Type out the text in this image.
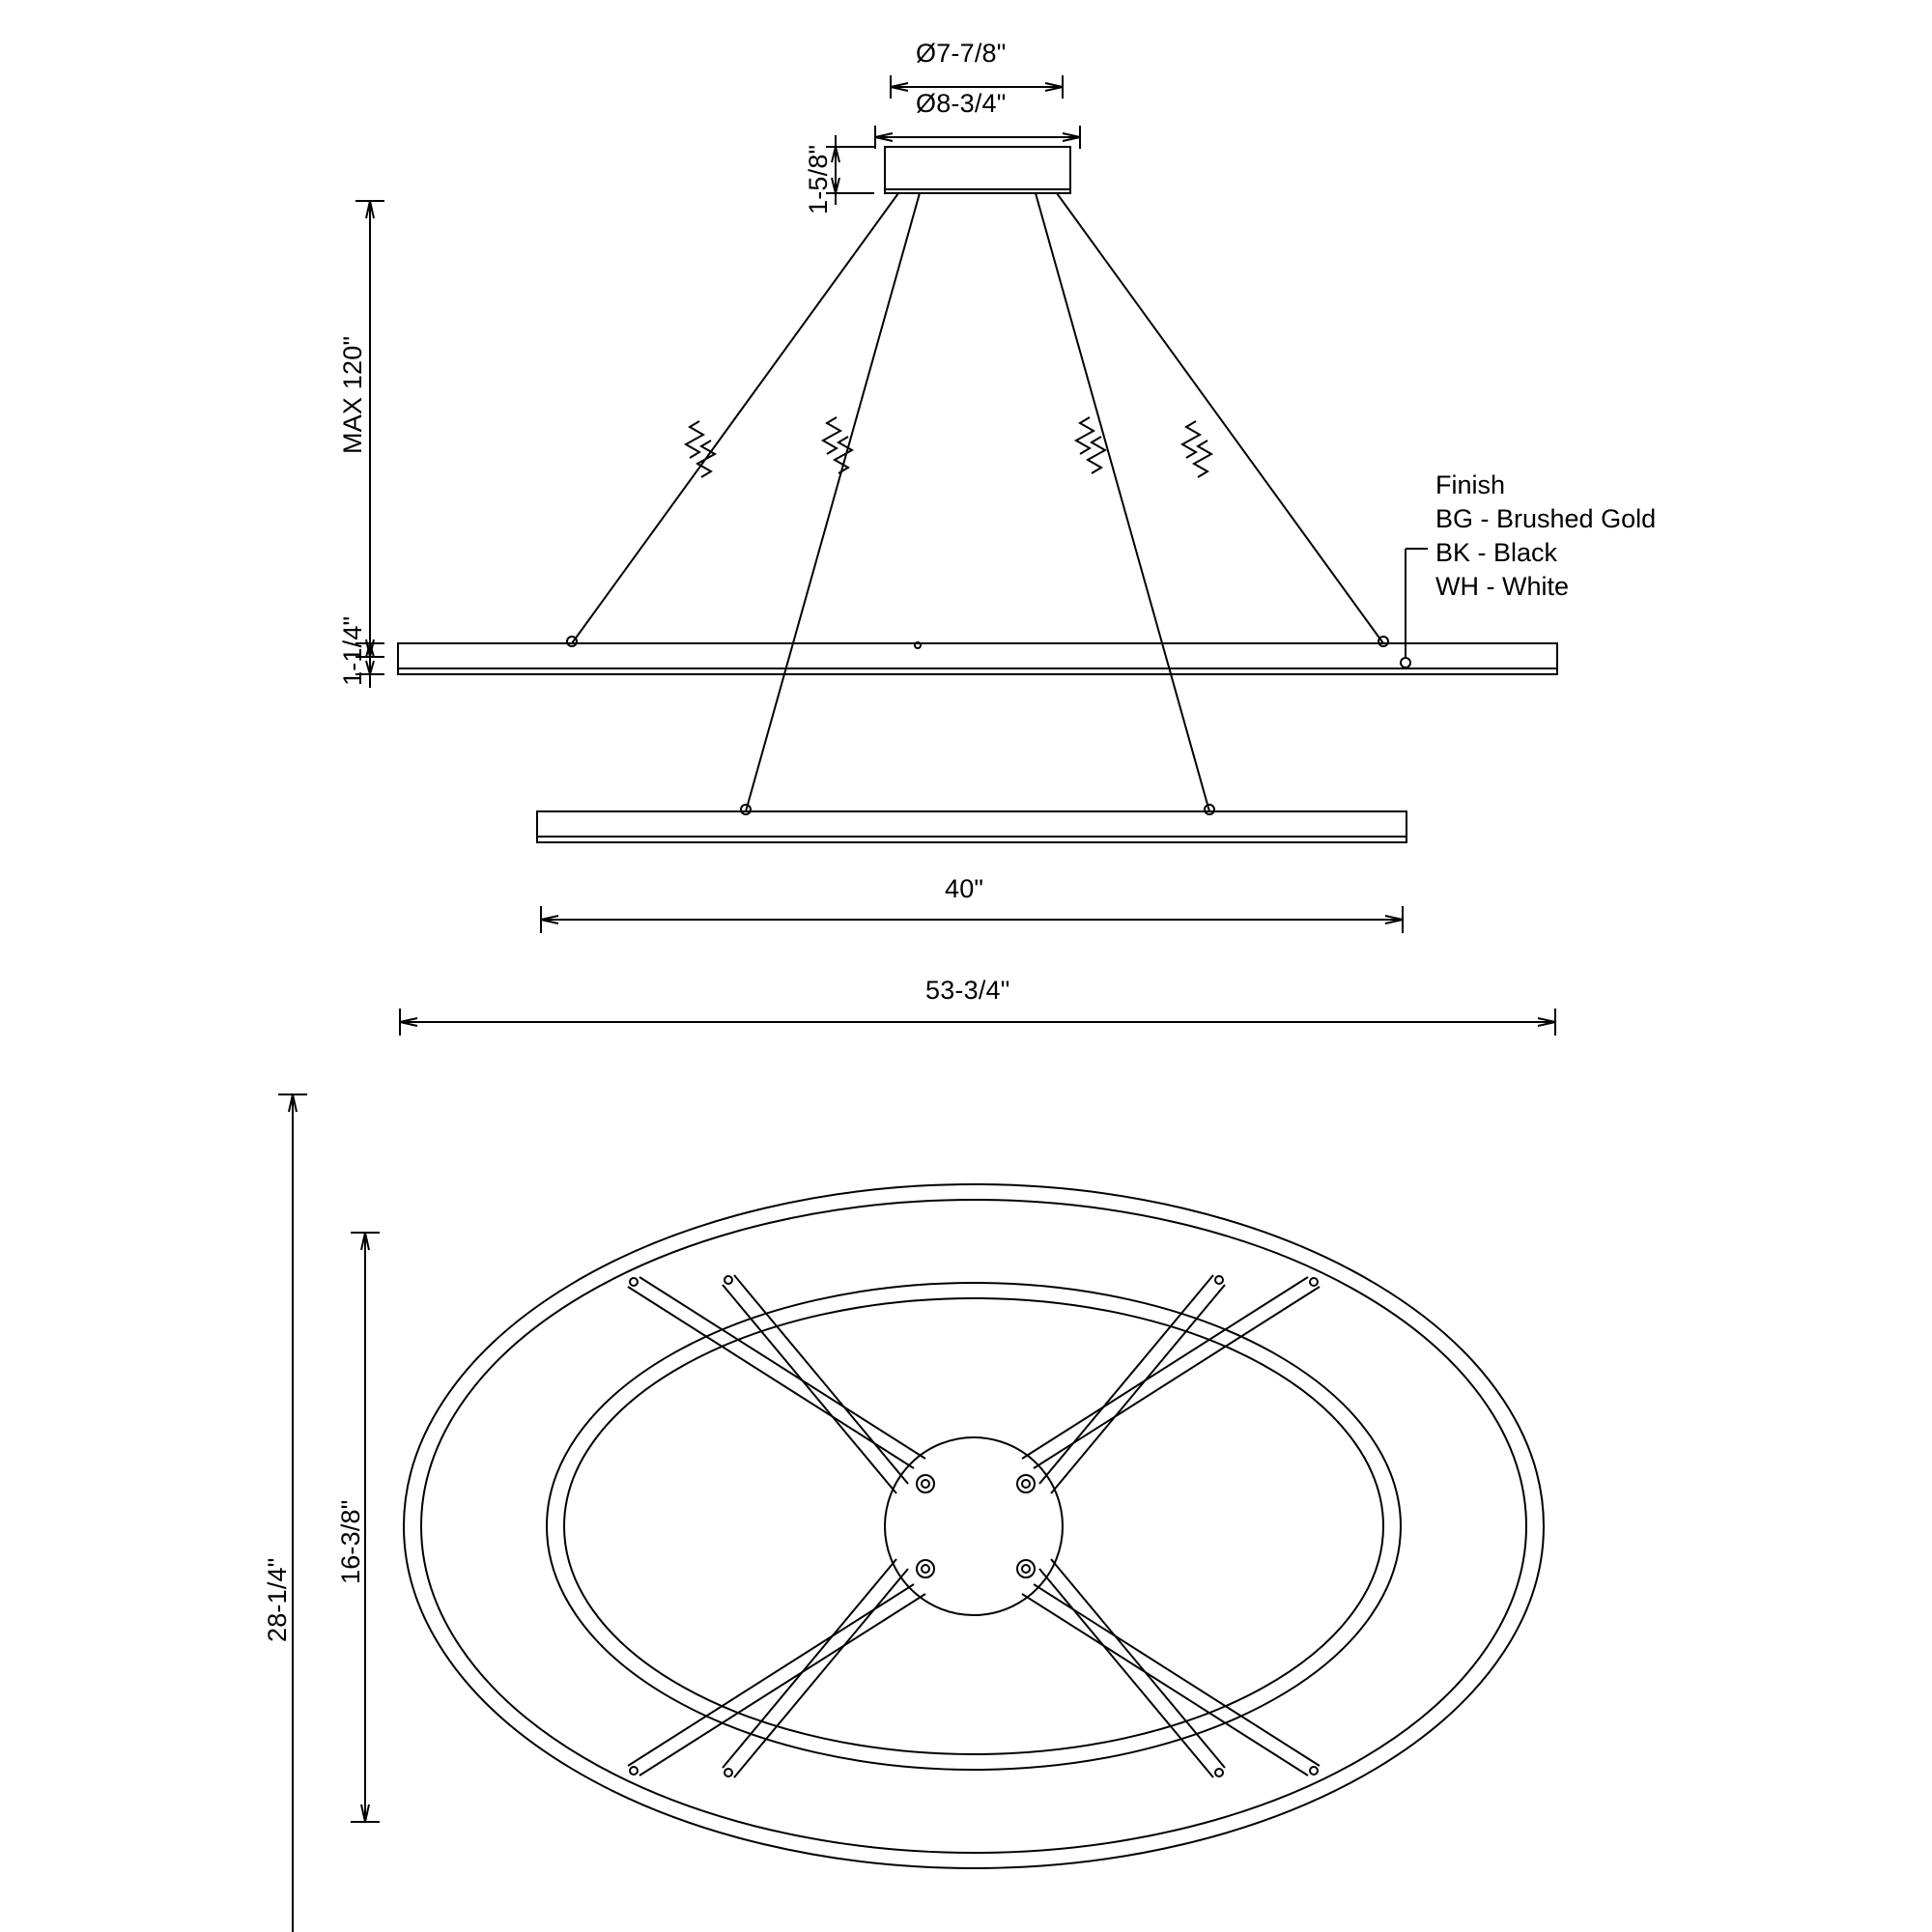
Ø7-7/8"
Ø8-3/4"
1-5/8"
MAX 120"
1-1/4"
40"
53-3/4"
28-1/4"
16-3/8"
Finish
BG - Brushed Gold
BK - Black
WH - White
